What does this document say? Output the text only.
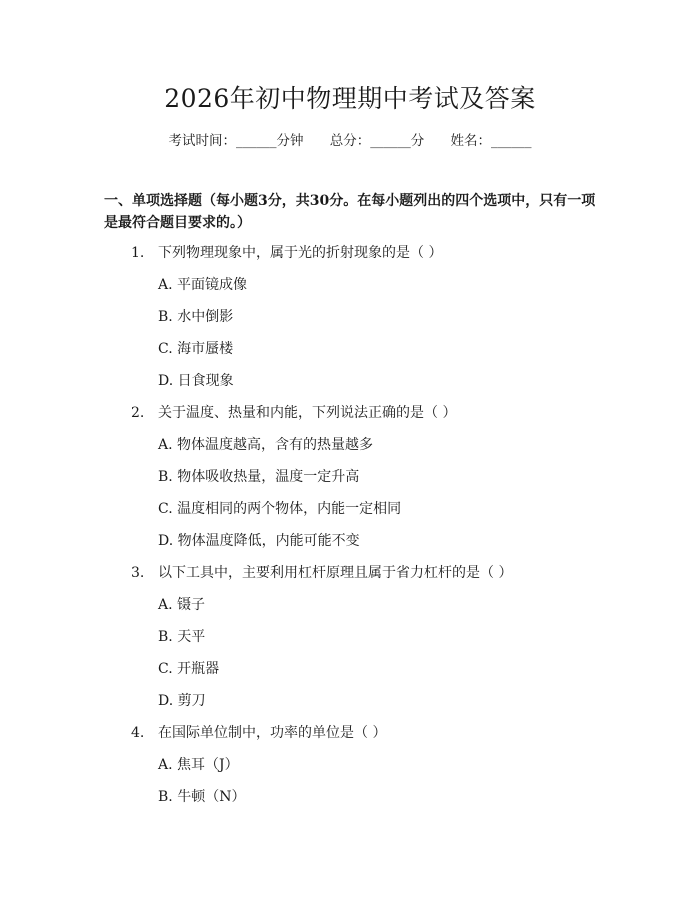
2026年初中物理期中考试及答案
考试时间：______分钟 总分：______分 姓名：______
一、单项选择题（每小题3分，共30分。在每小题列出的四个选项中，只有一项是最符合题目要求的。）
1. 下列物理现象中，属于光的折射现象的是（ ）
A. 平面镜成像
B. 水中倒影
C. 海市蜃楼
D. 日食现象
2. 关于温度、热量和内能，下列说法正确的是（ ）
A. 物体温度越高，含有的热量越多
B. 物体吸收热量，温度一定升高
C. 温度相同的两个物体，内能一定相同
D. 物体温度降低，内能可能不变
3. 以下工具中，主要利用杠杆原理且属于省力杠杆的是（ ）
A. 镊子
B. 天平
C. 开瓶器
D. 剪刀
4. 在国际单位制中，功率的单位是（ ）
A. 焦耳（J）
B. 牛顿（N）
